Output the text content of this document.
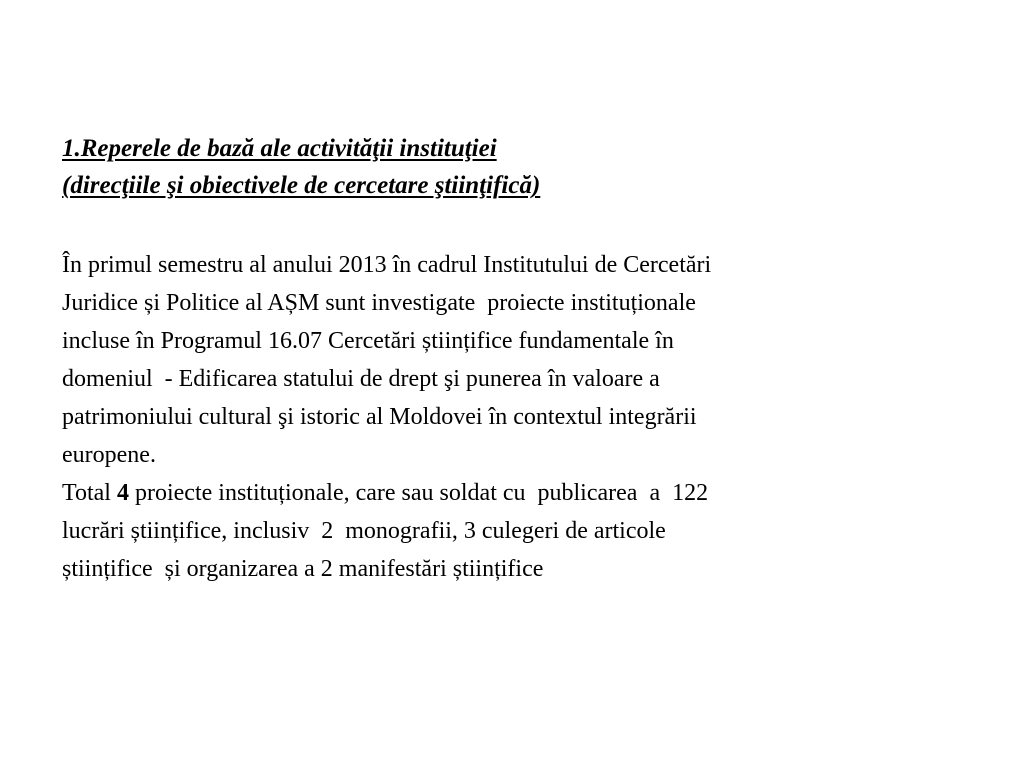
1.Reperele de bază ale activităţii instituţiei
(direcţiile şi obiectivele de cercetare ştiinţifică)
În primul semestru al anului 2013 în cadrul Institutului de Cercetări
Juridice și Politice al AȘM sunt investigate  proiecte instituționale
incluse în Programul 16.07 Cercetări științifice fundamentale în
domeniul  - Edificarea statului de drept şi punerea în valoare a
patrimoniului cultural şi istoric al Moldovei în contextul integrării
europene.
Total 4 proiecte instituționale, care sau soldat cu  publicarea  a  122
lucrări științifice, inclusiv  2  monografii, 3 culegeri de articole
științifice  și organizarea a 2 manifestări științifice
